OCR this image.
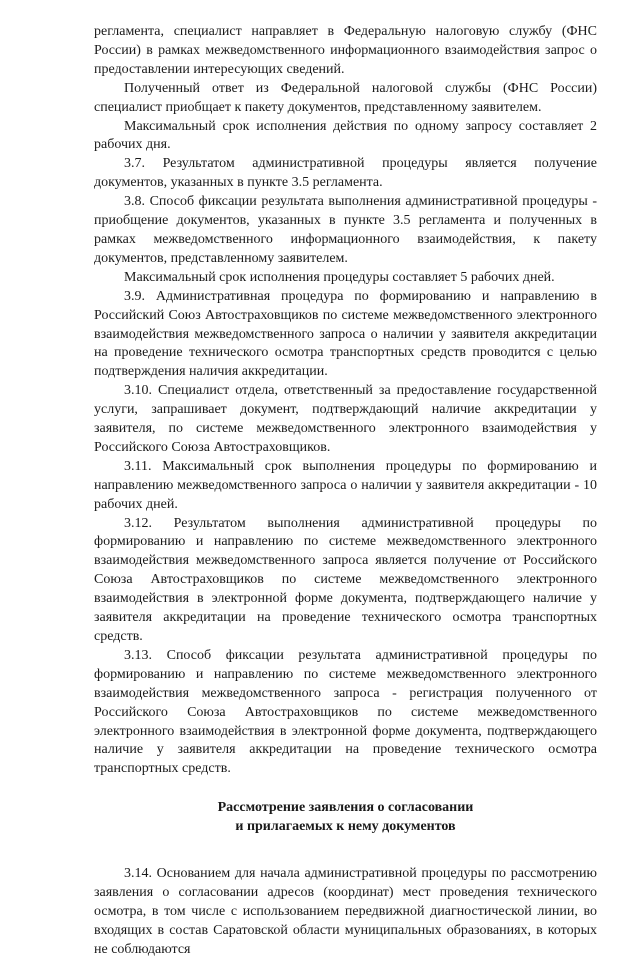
регламента, специалист направляет в Федеральную налоговую службу (ФНС России) в рамках межведомственного информационного взаимодействия запрос о предоставлении интересующих сведений.

Полученный ответ из Федеральной налоговой службы (ФНС России) специалист приобщает к пакету документов, представленному заявителем.

Максимальный срок исполнения действия по одному запросу составляет 2 рабочих дня.

3.7. Результатом административной процедуры является получение документов, указанных в пункте 3.5 регламента.

3.8. Способ фиксации результата выполнения административной процедуры - приобщение документов, указанных в пункте 3.5 регламента и полученных в рамках межведомственного информационного взаимодействия, к пакету документов, представленному заявителем.

Максимальный срок исполнения процедуры составляет 5 рабочих дней.

3.9. Административная процедура по формированию и направлению в Российский Союз Автостраховщиков по системе межведомственного электронного взаимодействия межведомственного запроса о наличии у заявителя аккредитации на проведение технического осмотра транспортных средств проводится с целью подтверждения наличия аккредитации.

3.10. Специалист отдела, ответственный за предоставление государственной услуги, запрашивает документ, подтверждающий наличие аккредитации у заявителя, по системе межведомственного электронного взаимодействия у Российского Союза Автостраховщиков.

3.11. Максимальный срок выполнения процедуры по формированию и направлению межведомственного запроса о наличии у заявителя аккредитации - 10 рабочих дней.

3.12. Результатом выполнения административной процедуры по формированию и направлению по системе межведомственного электронного взаимодействия межведомственного запроса является получение от Российского Союза Автостраховщиков по системе межведомственного электронного взаимодействия в электронной форме документа, подтверждающего наличие у заявителя аккредитации на проведение технического осмотра транспортных средств.

3.13. Способ фиксации результата административной процедуры по формированию и направлению по системе межведомственного электронного взаимодействия межведомственного запроса - регистрация полученного от Российского Союза Автостраховщиков по системе межведомственного электронного взаимодействия в электронной форме документа, подтверждающего наличие у заявителя аккредитации на проведение технического осмотра транспортных средств.

Рассмотрение заявления о согласовании
и прилагаемых к нему документов

3.14. Основанием для начала административной процедуры по рассмотрению заявления о согласовании адресов (координат) мест проведения технического осмотра, в том числе с использованием передвижной диагностической линии, во входящих в состав Саратовской области муниципальных образованиях, в которых не соблюдаются
